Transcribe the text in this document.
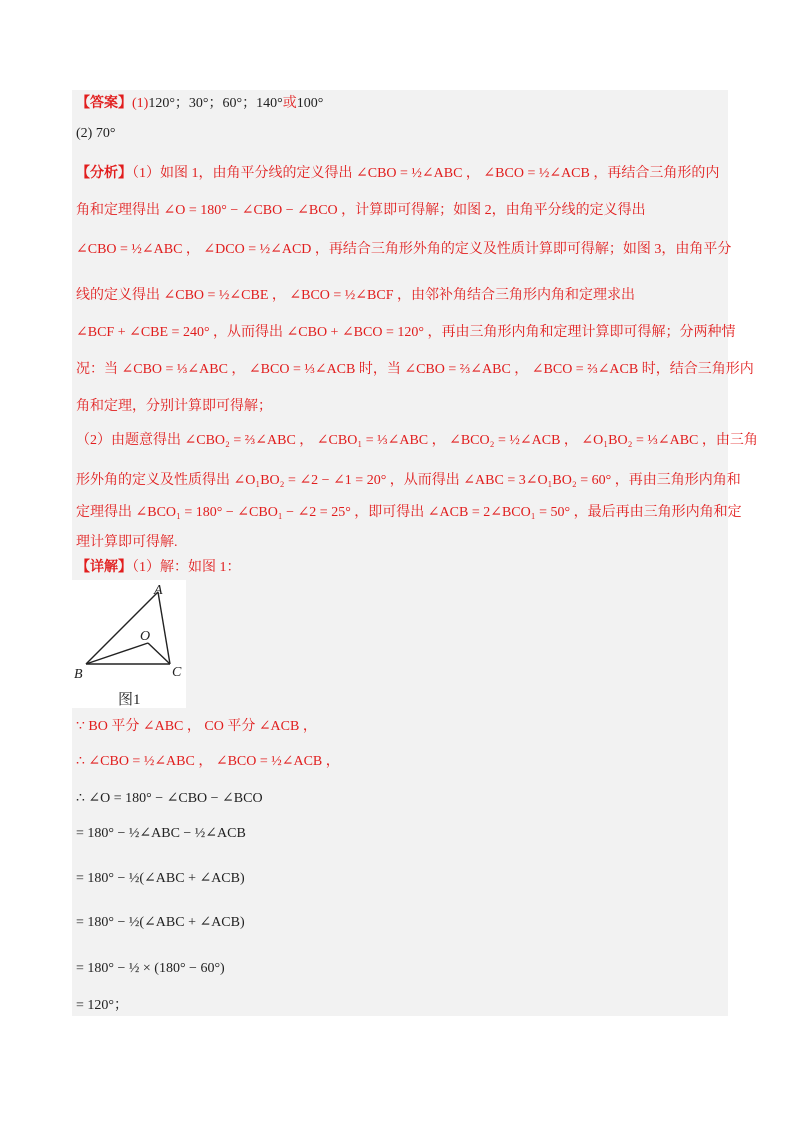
【答案】(1)120°；30°；60°；140°或100°
(2) 70°
【分析】（1）如图 1，由角平分线的定义得出 ∠CBO = ½∠ABC ， ∠BCO = ½∠ACB ，再结合三角形的内
角和定理得出 ∠O = 180° − ∠CBO − ∠BCO ，计算即可得解；如图 2，由角平分线的定义得出
∠CBO = ½∠ABC ， ∠DCO = ½∠ACD ，再结合三角形外角的定义及性质计算即可得解；如图 3，由角平分
线的定义得出 ∠CBO = ½∠CBE ， ∠BCO = ½∠BCF ，由邻补角结合三角形内角和定理求出
∠BCF + ∠CBE = 240° ，从而得出 ∠CBO + ∠BCO = 120° ，再由三角形内角和定理计算即可得解；分两种情
况：当 ∠CBO = ⅓∠ABC ， ∠BCO = ⅓∠ACB 时，当 ∠CBO = ⅔∠ABC ， ∠BCO = ⅔∠ACB 时，结合三角形内
角和定理，分别计算即可得解；
（2）由题意得出 ∠CBO₂ = ⅔∠ABC ， ∠CBO₁ = ⅓∠ABC ， ∠BCO₂ = ½∠ACB ， ∠O₁BO₂ = ⅓∠ABC ，由三角
形外角的定义及性质得出 ∠O₁BO₂ = ∠2 − ∠1 = 20° ，从而得出 ∠ABC = 3∠O₁BO₂ = 60° ，再由三角形内角和
定理得出 ∠BCO₁ = 180° − ∠CBO₁ − ∠2 = 25° ，即可得出 ∠ACB = 2∠BCO₁ = 50° ，最后再由三角形内角和定
理计算即可得解.
【详解】（1）解：如图 1：
A
B	C
O
图1
∵ BO 平分 ∠ABC ， CO 平分 ∠ACB ，
∴ ∠CBO = ½∠ABC ， ∠BCO = ½∠ACB ，
∴ ∠O = 180° − ∠CBO − ∠BCO
= 180° − ½∠ABC − ½∠ACB
= 180° − ½(∠ABC + ∠ACB)
= 180° − ½(∠ABC + ∠ACB)
= 180° − ½ × (180° − 60°)
= 120°；
